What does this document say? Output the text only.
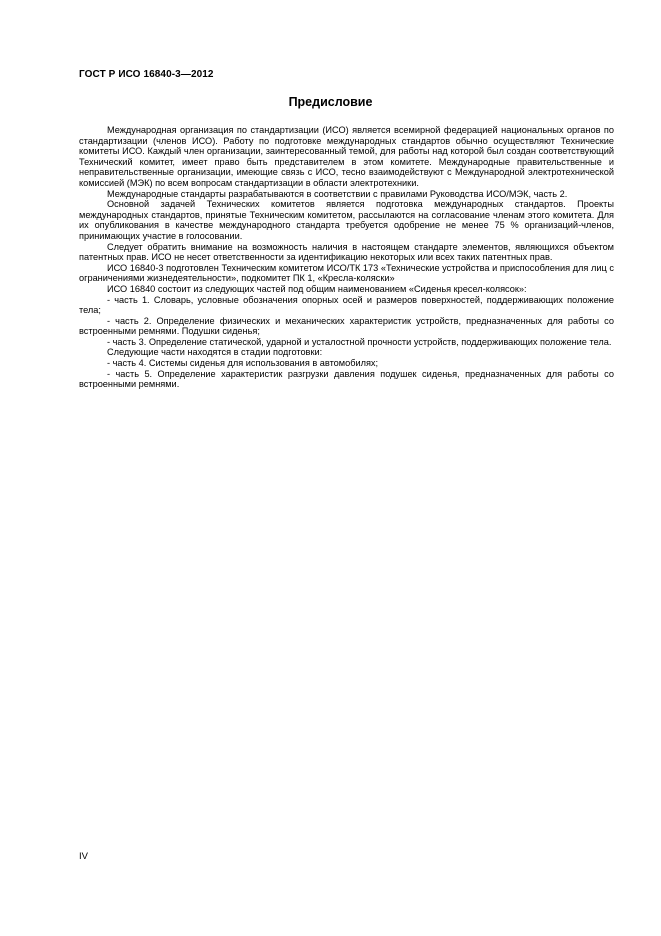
ГОСТ Р ИСО 16840-3—2012
Предисловие

Международная организация по стандартизации (ИСО) является всемирной федерацией национальных органов по стандартизации (членов ИСО). Работу по подготовке международных стандартов обычно осуществляют Технические комитеты ИСО. Каждый член организации, заинтересованный темой, для работы над которой был создан соответствующий Технический комитет, имеет право быть представителем в этом комитете. Международные правительственные и неправительственные организации, имеющие связь с ИСО, тесно взаимодействуют с Международной электротехнической комиссией (МЭК) по всем вопросам стандартизации в области электротехники.

Международные стандарты разрабатываются в соответствии с правилами Руководства ИСО/МЭК, часть 2.

Основной задачей Технических комитетов является подготовка международных стандартов. Проекты международных стандартов, принятые Техническим комитетом, рассылаются на согласование членам этого комитета. Для их опубликования в качестве международного стандарта требуется одобрение не менее 75 % организаций-членов, принимающих участие в голосовании.

Следует обратить внимание на возможность наличия в настоящем стандарте элементов, являющихся объектом патентных прав. ИСО не несет ответственности за идентификацию некоторых или всех таких патентных прав.

ИСО 16840-3 подготовлен Техническим комитетом ИСО/ТК 173 «Технические устройства и приспособления для лиц с ограничениями жизнедеятельности», подкомитет ПК 1, «Кресла-коляски»

ИСО 16840 состоит из следующих частей под общим наименованием «Сиденья кресел-колясок»:

- часть 1. Словарь, условные обозначения опорных осей и размеров поверхностей, поддерживающих положение тела;

- часть 2. Определение физических и механических характеристик устройств, предназначенных для работы со встроенными ремнями. Подушки сиденья;

- часть 3. Определение статической, ударной и усталостной прочности устройств, поддерживающих положение тела.

Следующие части находятся в стадии подготовки:

- часть 4. Системы сиденья для использования в автомобилях;

- часть 5. Определение характеристик разгрузки давления подушек сиденья, предназначенных для работы со встроенными ремнями.

IV
